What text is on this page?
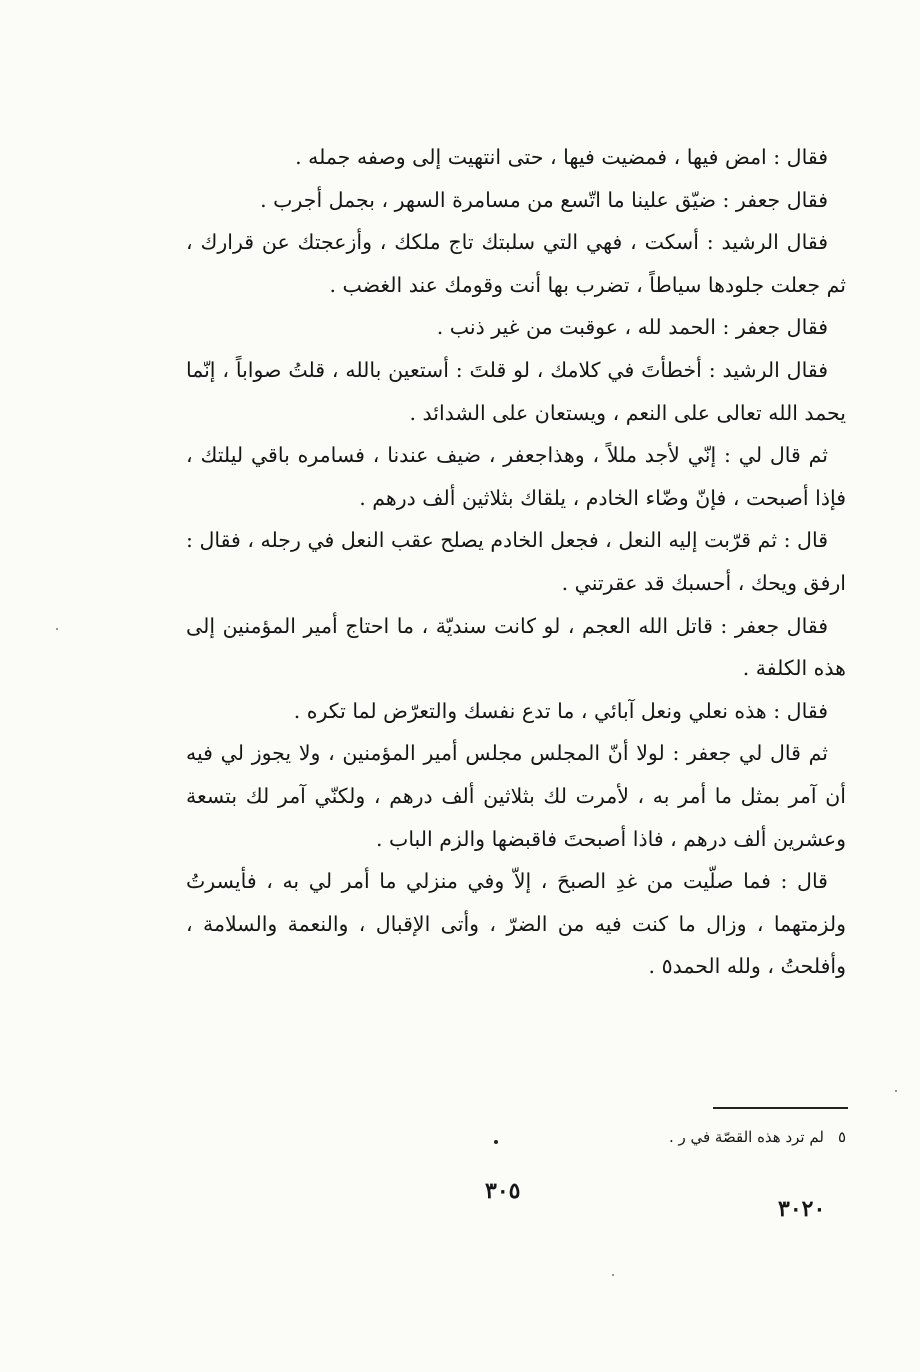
فقال : امض فيها ، فمضيت فيها ، حتى انتهيت إلى وصفه جمله .

فقال جعفر : ضيّق علينا ما اتّسع من مسامرة السهر ، بجمل أجرب .

فقال الرشيد : أسكت ، فهي التي سلبتك تاج ملكك ، وأزعجتك عن قرارك ، ثم جعلت جلودها سياطاً ، تضرب بها أنت وقومك عند الغضب .

فقال جعفر : الحمد لله ، عوقبت من غير ذنب .

فقال الرشيد : أخطأتَ في كلامك ، لو قلتَ : أستعين بالله ، قلتُ صواباً ، إنّما يحمد الله تعالى على النعم ، ويستعان على الشدائد .

ثم قال لي : إنّي لأجد مللاً ، وهذاجعفر ، ضيف عندنا ، فسامره باقي ليلتك ، فإذا أصبحت ، فإنّ وضّاء الخادم ، يلقاك بثلاثين ألف درهم .

قال : ثم قرّبت إليه النعل ، فجعل الخادم يصلح عقب النعل في رجله ، فقال : ارفق ويحك ، أحسبك قد عقرتني .

فقال جعفر : قاتل الله العجم ، لو كانت سنديّة ، ما احتاج أمير المؤمنين إلى هذه الكلفة .

فقال : هذه نعلي ونعل آبائي ، ما تدع نفسك والتعرّض لما تكره .

ثم قال لي جعفر : لولا أنّ المجلس مجلس أمير المؤمنين ، ولا يجوز لي فيه أن آمر بمثل ما أمر به ، لأمرت لك بثلاثين ألف درهم ، ولكنّي آمر لك بتسعة وعشرين ألف درهم ، فاذا أصبحتَ فاقبضها والزم الباب .

قال : فما صلّيت من غدِ الصبحَ ، إلاّ وفي منزلي ما أمر لي به ، فأيسرتُ ولزمتهما ، وزال ما كنت فيه من الضرّ ، وأتى الإقبال ، والنعمة والسلامة ، وأفلحتُ ، ولله الحمد٥ .

٥لم ترد هذه القصّة في ر .
٣٠٥
٣٠٢٠
